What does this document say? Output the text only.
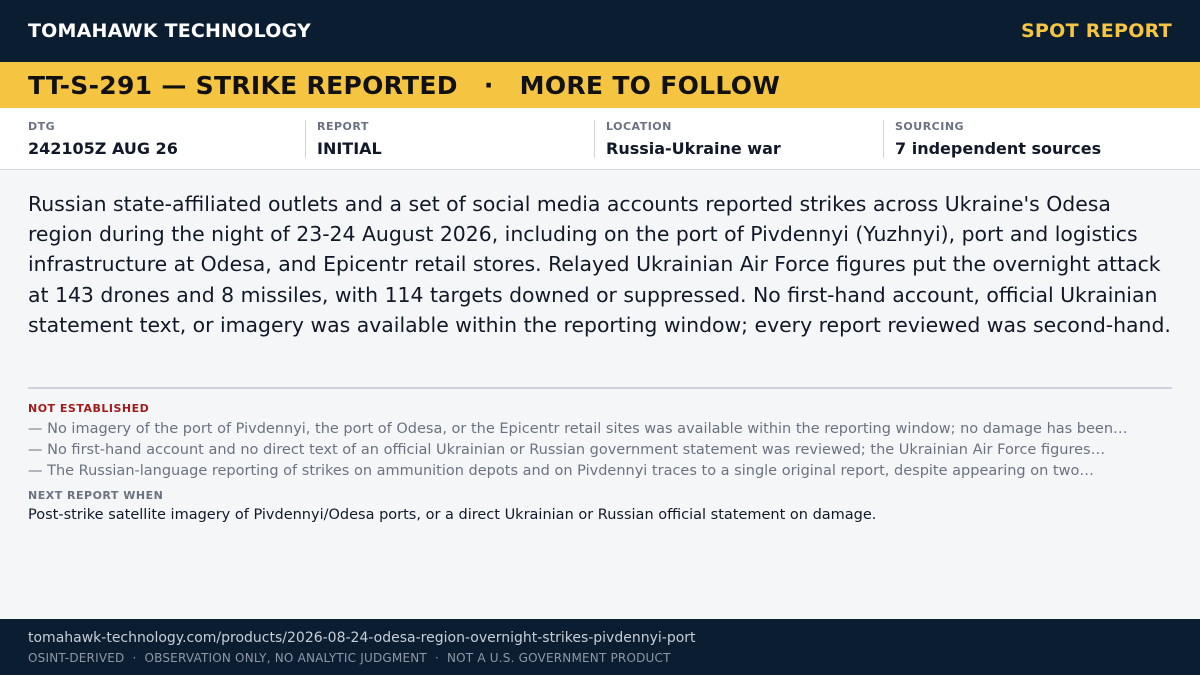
TOMAHAWK TECHNOLOGY	SPOT REPORT
TT-S-291 — STRIKE REPORTED · MORE TO FOLLOW
DTG
242105Z AUG 26
REPORT
INITIAL
LOCATION
Russia-Ukraine war
SOURCING
7 independent sources

Russian state-affiliated outlets and a set of social media accounts reported strikes across Ukraine's Odesa region during the night of 23-24 August 2026, including on the port of Pivdennyi (Yuzhnyi), port and logistics infrastructure at Odesa, and Epicentr retail stores. Relayed Ukrainian Air Force figures put the overnight attack at 143 drones and 8 missiles, with 114 targets downed or suppressed. No first-hand account, official Ukrainian statement text, or imagery was available within the reporting window; every report reviewed was second-hand.

NOT ESTABLISHED
— No imagery of the port of Pivdennyi, the port of Odesa, or the Epicentr retail sites was available within the reporting window; no damage has been…
— No first-hand account and no direct text of an official Ukrainian or Russian government statement was reviewed; the Ukrainian Air Force figures…
— The Russian-language reporting of strikes on ammunition depots and on Pivdennyi traces to a single original report, despite appearing on two…
NEXT REPORT WHEN
Post-strike satellite imagery of Pivdennyi/Odesa ports, or a direct Ukrainian or Russian official statement on damage.
tomahawk-technology.com/products/2026-08-24-odesa-region-overnight-strikes-pivdennyi-port
OSINT-DERIVED · OBSERVATION ONLY, NO ANALYTIC JUDGMENT · NOT A U.S. GOVERNMENT PRODUCT
